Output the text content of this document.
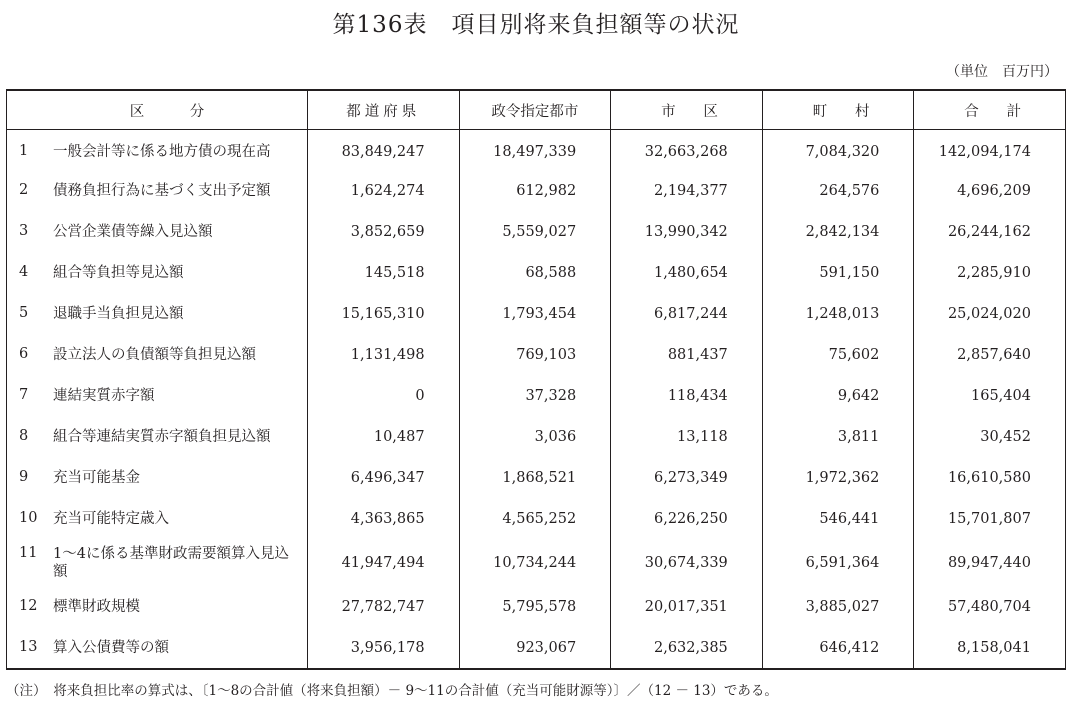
第136表　項目別将来負担額等の状況
（単位　百万円）
区 分	都道府県	政令指定都市	市 区	町 村	合 計

1 一般会計等に係る地方債の現在高	83,849,247	18,497,339	32,663,268	7,084,320	142,094,174

2 債務負担行為に基づく支出予定額	1,624,274	612,982	2,194,377	264,576	4,696,209

3 公営企業債等繰入見込額	3,852,659	5,559,027	13,990,342	2,842,134	26,244,162

4 組合等負担等見込額	145,518	68,588	1,480,654	591,150	2,285,910

5 退職手当負担見込額	15,165,310	1,793,454	6,817,244	1,248,013	25,024,020

6 設立法人の負債額等負担見込額	1,131,498	769,103	881,437	75,602	2,857,640

7 連結実質赤字額	0	37,328	118,434	9,642	165,404

8 組合等連結実質赤字額負担見込額	10,487	3,036	13,118	3,811	30,452

9 充当可能基金	6,496,347	1,868,521	6,273,349	1,972,362	16,610,580

10 充当可能特定歳入	4,363,865	4,565,252	6,226,250	546,441	15,701,807

11 1～4に係る基準財政需要額算入見込額	41,947,494	10,734,244	30,674,339	6,591,364	89,947,440

12 標準財政規模	27,782,747	5,795,578	20,017,351	3,885,027	57,480,704

13 算入公債費等の額	3,956,178	923,067	2,632,385	646,412	8,158,041
（注）　将来負担比率の算式は、〔1～8の合計値（将来負担額）－ 9～11の合計値（充当可能財源等）〕／（12 － 13）である。
